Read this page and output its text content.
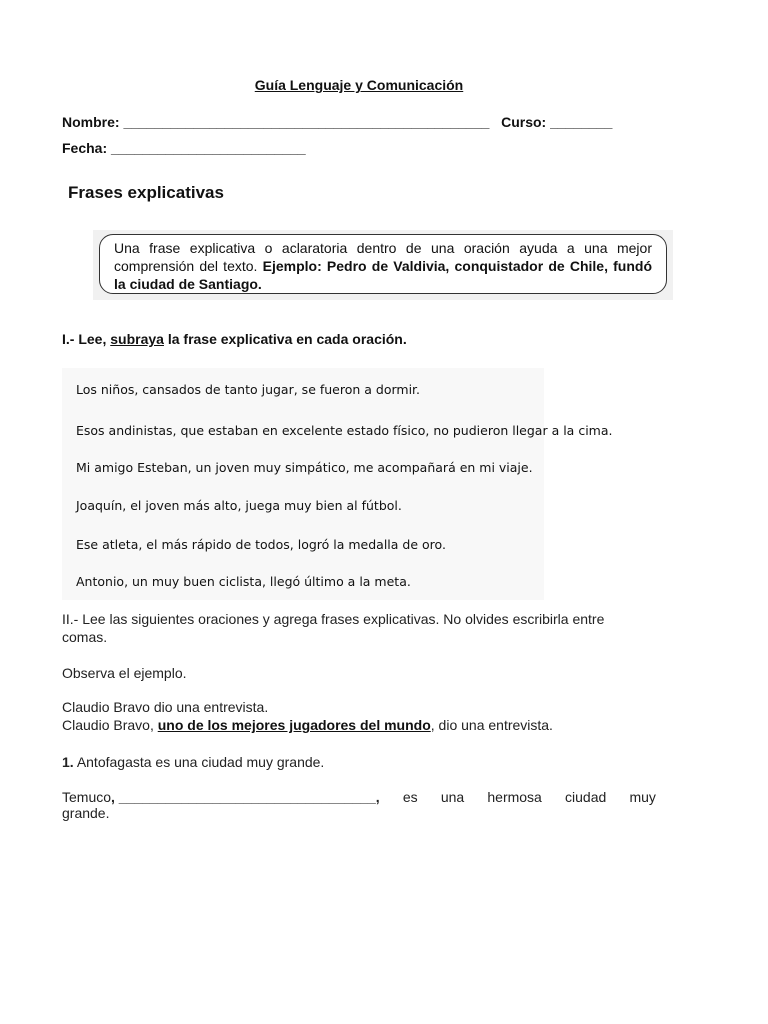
Guía Lenguaje y Comunicación
Nombre: _______________________________________________ Curso: ________
Fecha: _________________________
Frases explicativas
Una frase explicativa o aclaratoria dentro de una oración ayuda a una mejor comprensión del texto. Ejemplo: Pedro de Valdivia, conquistador de Chile, fundó la ciudad de Santiago.
I.- Lee, subraya la frase explicativa en cada oración.
Los niños, cansados de tanto jugar, se fueron a dormir.
Esos andinistas, que estaban en excelente estado físico, no pudieron llegar a la cima.
Mi amigo Esteban, un joven muy simpático, me acompañará en mi viaje.
Joaquín, el joven más alto, juega muy bien al fútbol.
Ese atleta, el más rápido de todos, logró la medalla de oro.
Antonio, un muy buen ciclista, llegó último a la meta.
II.- Lee las siguientes oraciones y agrega frases explicativas. No olvides escribirla entre
comas.
Observa el ejemplo.
Claudio Bravo dio una entrevista.
Claudio Bravo, uno de los mejores jugadores del mundo, dio una entrevista.
1. Antofagasta es una ciudad muy grande.
Temuco, _________________________________, es una hermosa ciudad muy
grande.
